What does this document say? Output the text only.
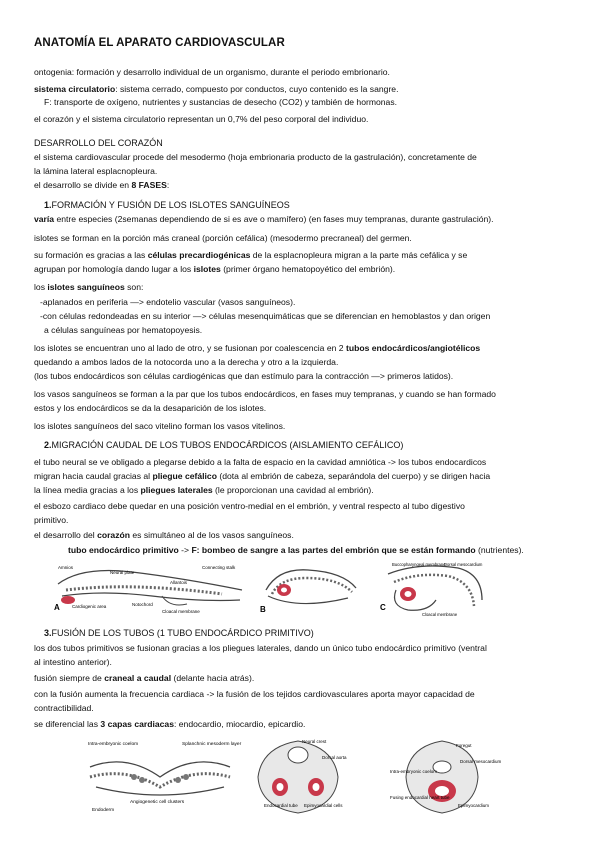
ANATOMÍA EL APARATO CARDIOVASCULAR
ontogenia: formación y desarrollo individual de un organismo, durante el periodo embrionario.
sistema circulatorio: sistema cerrado, compuesto por conductos, cuyo contenido es la sangre.
F: transporte de oxígeno, nutrientes y sustancias de desecho (CO2) y también de hormonas.
el corazón y el sistema circulatorio representan un 0,7% del peso corporal del individuo.
DESARROLLO DEL CORAZÓN
el sistema cardiovascular procede del mesodermo (hoja embrionaria producto de la gastrulación), concretamente de
la lámina lateral esplacnopleura.
el desarrollo se divide en 8 FASES:
1.FORMACIÓN Y FUSIÓN DE LOS ISLOTES SANGUÍNEOS
varía entre especies (2semanas dependiendo de si es ave o mamífero) (en fases muy tempranas, durante gastrulación).
islotes se forman en la porción más craneal (porción cefálica) (mesodermo precraneal) del germen.
su formación es gracias a las células precardiogénicas de la esplacnopleura migran a la parte más cefálica y se
agrupan por homología dando lugar a los islotes (primer órgano hematopoyético del embrión).
los islotes sanguíneos son:
-aplanados en periferia —> endotelio vascular (vasos sanguíneos).
-con células redondeadas en su interior —> células mesenquimáticas que se diferencian en hemoblastos y dan origen
a células sanguíneas por hematopoyesis.
los islotes se encuentran uno al lado de otro, y se fusionan por coalescencia en 2 tubos endocárdicos/angiotélicos
quedando a ambos lados de la notocorda uno a la derecha y otro a la izquierda.
(los tubos endocárdicos son células cardiogénicas que dan estímulo para la contracción —> primeros latidos).
los vasos sanguíneos se forman a la par que los tubos endocárdicos, en fases muy tempranas, y cuando se han formado
estos y los endocárdicos se da la desaparición de los islotes.
los islotes sanguíneos del saco vitelino forman los vasos vitelinos.
2.MIGRACIÓN CAUDAL DE LOS TUBOS ENDOCÁRDICOS (AISLAMIENTO CEFÁLICO)
el tubo neural se ve obligado a plegarse debido a la falta de espacio en la cavidad amniótica -> los tubos endocardicos
migran hacia caudal gracias al pliegue cefálico (dota al embrión de cabeza, separándola del cuerpo) y se dirigen hacia
la línea media gracias a los pliegues laterales (le proporcionan una cavidad al embrión).
el esbozo cardiaco debe quedar en una posición ventro-medial en el embrión, y ventral respecto al tubo digestivo
primitivo.
el desarrollo del corazón es simultáneo al de los vasos sanguíneos.
tubo endocárdico primitivo -> F: bombeo de sangre a las partes del embrión que se están formando (nutrientes).
A
Amnios
Neural plate
Allantois
Connecting stalk
Cardiogenic area	Notochord
Cloacal membrane	B	C
Buccopharyngeal membrane
Dorsal mesocardium
Cloacal membrane
3.FUSIÓN DE LOS TUBOS (1 TUBO ENDOCÁRDICO PRIMITIVO)
los dos tubos primitivos se fusionan gracias a los pliegues laterales, dando un único tubo endocárdico primitivo (ventral
al intestino anterior).
fusión siempre de craneal a caudal (delante hacia atrás).
con la fusión aumenta la frecuencia cardiaca -> la fusión de los tejidos cardiovasculares aporta mayor capacidad de
contractibilidad.
se diferencial las 3 capas cardiacas: endocardio, miocardio, epicardio.
Intra-embryonic coelom	Splanchnic mesoderm layer
Angiogenetic cell clusters
Endoderm
Neural crest
Dorsal aorta
Endocardial tube Epimyocardial cells
Intra-embryonic coelom
Foregut
Dorsal mesocardium
Fusing endocardial heart tube
Epimyocardium
